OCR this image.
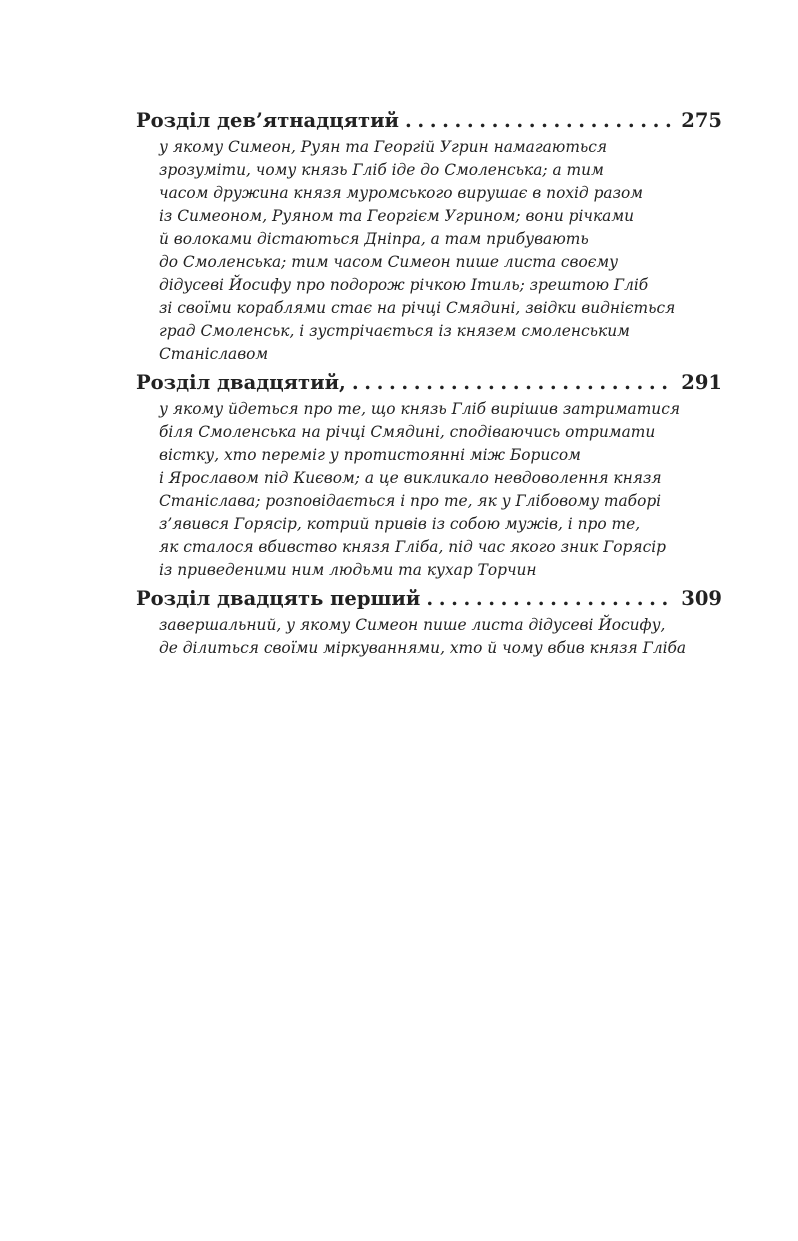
Розділ дев’ятнадцятий . . .	275
у якому Симеон, Руян та Георгій Угрин намагаються
зрозуміти, чому князь Гліб іде до Смоленська; а тим
часом дружина князя муромського вирушає в похід разом
із Симеоном, Руяном та Георгієм Угрином; вони річками
й волоками дістаються Дніпра, а там прибувають
до Смоленська; тим часом Симеон пише листа своєму
дідусеві Йосифу про подорож річкою Ітиль; зрештою Гліб
зі своїми кораблями стає на річці Смядині, звідки видніється
град Смоленськ, і зустрічається із князем смоленським
Станіславом
Розділ двадцятий, . . .	291
у якому йдеться про те, що князь Гліб вирішив затриматися
біля Смоленська на річці Смядині, сподіваючись отримати
вістку, хто переміг у протистоянні між Борисом
і Ярославом під Києвом; а це викликало невдоволення князя
Станіслава; розповідається і про те, як у Глібовому таборі
з’явився Горясір, котрий привів із собою мужів, і про те,
як сталося вбивство князя Гліба, під час якого зник Горясір
із приведеними ним людьми та кухар Торчин
Розділ двадцять перший . . .	309
завершальний, у якому Симеон пише листа дідусеві Йосифу,
де ділиться своїми міркуваннями, хто й чому вбив князя Гліба
